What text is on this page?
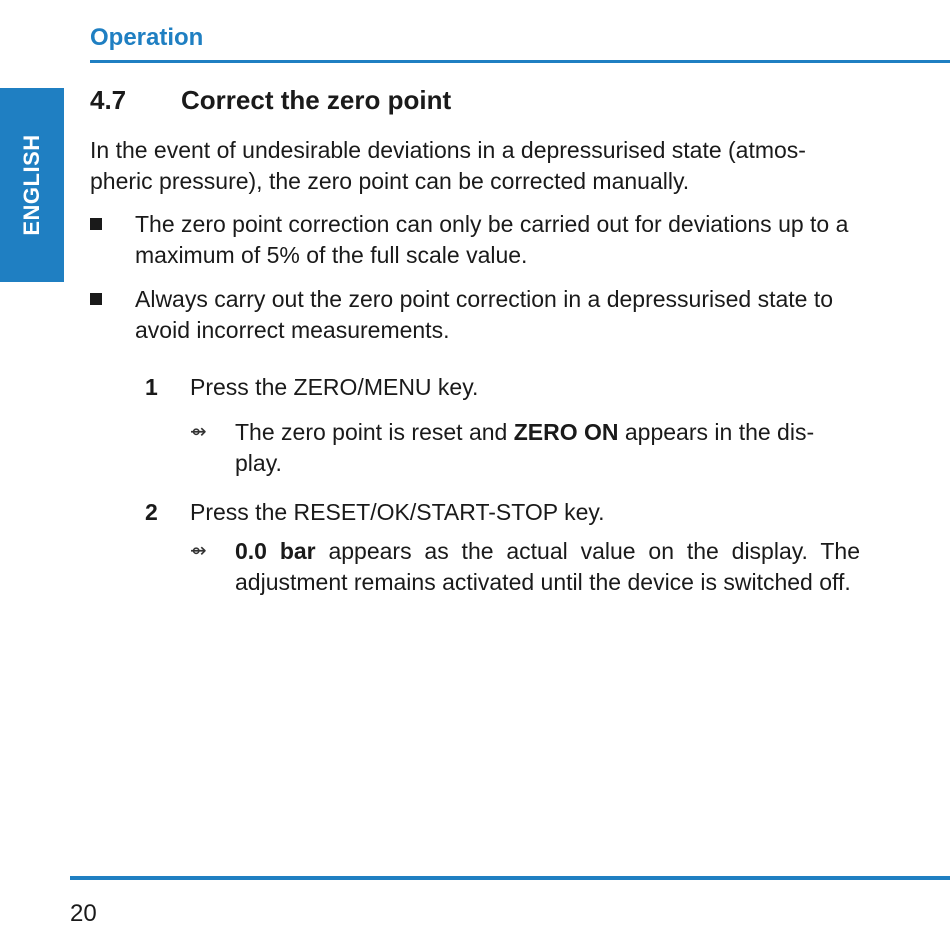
Operation
ENGLISH
4.7 Correct the zero point
In the event of undesirable deviations in a depressurised state (atmos-pheric pressure), the zero point can be corrected manually.
The zero point correction can only be carried out for deviations up to a maximum of 5% of the full scale value.
Always carry out the zero point correction in a depressurised state to avoid incorrect measurements.
1 Press the ZERO/MENU key.
⇴ The zero point is reset and ZERO ON appears in the dis-play.
2 Press the RESET/OK/START-STOP key.
⇴ 0.0 bar appears as the actual value on the display. The adjustment remains activated until the device is switched off.
20
